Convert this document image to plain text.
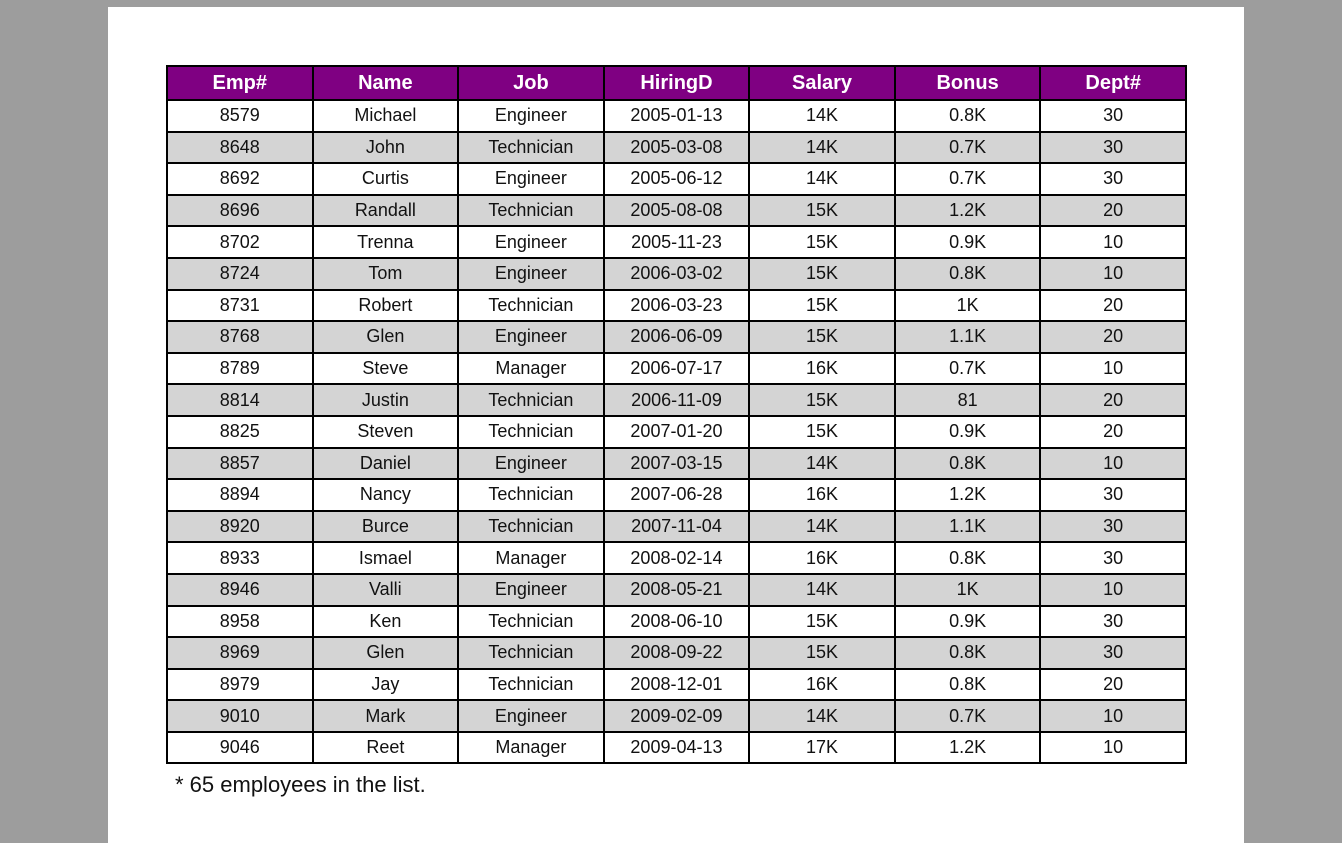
Emp#	Name	Job	HiringD	Salary	Bonus	Dept#
8579	Michael	Engineer	2005-01-13	14K	0.8K	30
8648	John	Technician	2005-03-08	14K	0.7K	30
8692	Curtis	Engineer	2005-06-12	14K	0.7K	30
8696	Randall	Technician	2005-08-08	15K	1.2K	20
8702	Trenna	Engineer	2005-11-23	15K	0.9K	10
8724	Tom	Engineer	2006-03-02	15K	0.8K	10
8731	Robert	Technician	2006-03-23	15K	1K	20
8768	Glen	Engineer	2006-06-09	15K	1.1K	20
8789	Steve	Manager	2006-07-17	16K	0.7K	10
8814	Justin	Technician	2006-11-09	15K	81	20
8825	Steven	Technician	2007-01-20	15K	0.9K	20
8857	Daniel	Engineer	2007-03-15	14K	0.8K	10
8894	Nancy	Technician	2007-06-28	16K	1.2K	30
8920	Burce	Technician	2007-11-04	14K	1.1K	30
8933	Ismael	Manager	2008-02-14	16K	0.8K	30
8946	Valli	Engineer	2008-05-21	14K	1K	10
8958	Ken	Technician	2008-06-10	15K	0.9K	30
8969	Glen	Technician	2008-09-22	15K	0.8K	30
8979	Jay	Technician	2008-12-01	16K	0.8K	20
9010	Mark	Engineer	2009-02-09	14K	0.7K	10
9046	Reet	Manager	2009-04-13	17K	1.2K	10

* 65 employees in the list.
